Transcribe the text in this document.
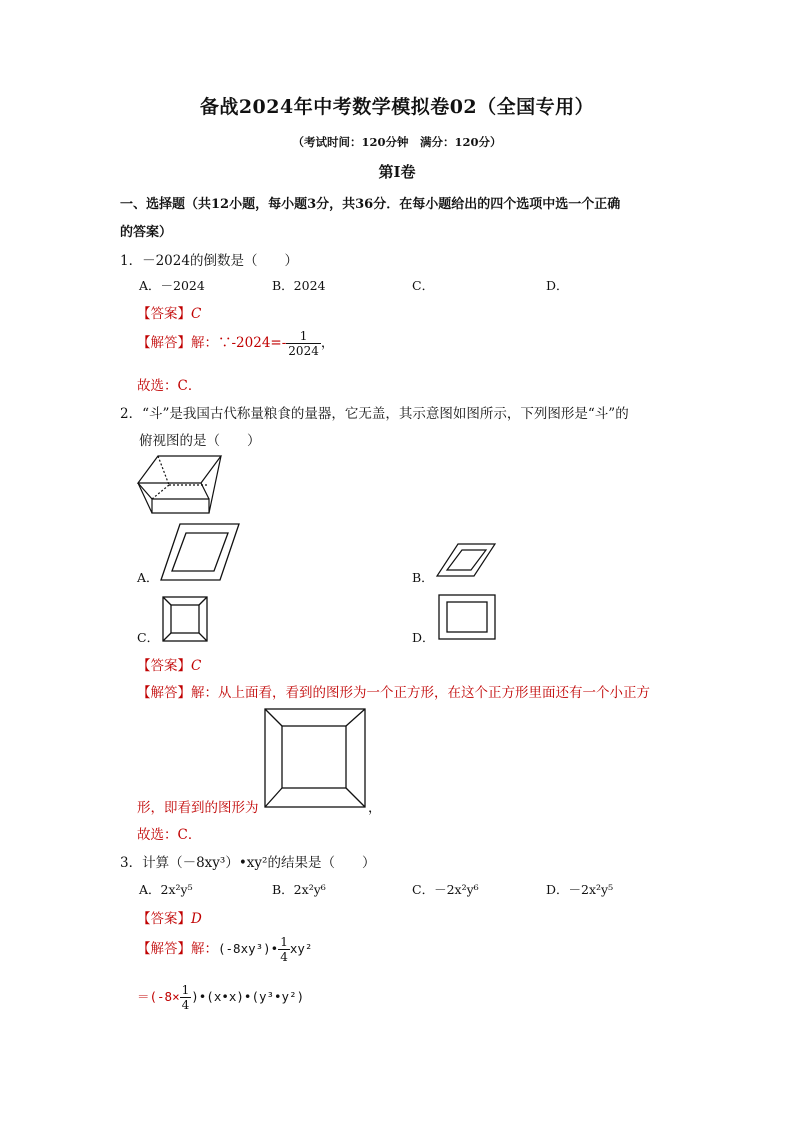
备战2024年中考数学模拟卷02（全国专用）
（考试时间：120分钟　满分：120分）
第Ⅰ卷
一、选择题（共12小题，每小题3分，共36分．在每小题给出的四个选项中选一个正确
的答案）
1．－2024的倒数是（　　）
A．－2024	B．2024	C．	D．
【答案】C
【解答】解：∵-2024=- $\frac{1}{2024}$ ，
故选：C．
2．“斗”是我国古代称量粮食的量器，它无盖，其示意图如图所示，下列图形是“斗”的
俯视图的是（　　）
A．	B．
C．	D．
【答案】C
【解答】解：从上面看，看到的图形为一个正方形，在这个正方形里面还有一个小正方
形，即看到的图形为	，
故选：C．
3．计算（－8xy³）•xy²的结果是（　　）
A．2x²y⁵	B．2x²y⁶	C．－2x²y⁶	D．－2x²y⁵
【答案】D
【解答】解：(-8xy³)• $\frac{1}{4} xy^2$
$=(-8\times \frac{1}{4}$ )•(x•x)•(y³•y²)
